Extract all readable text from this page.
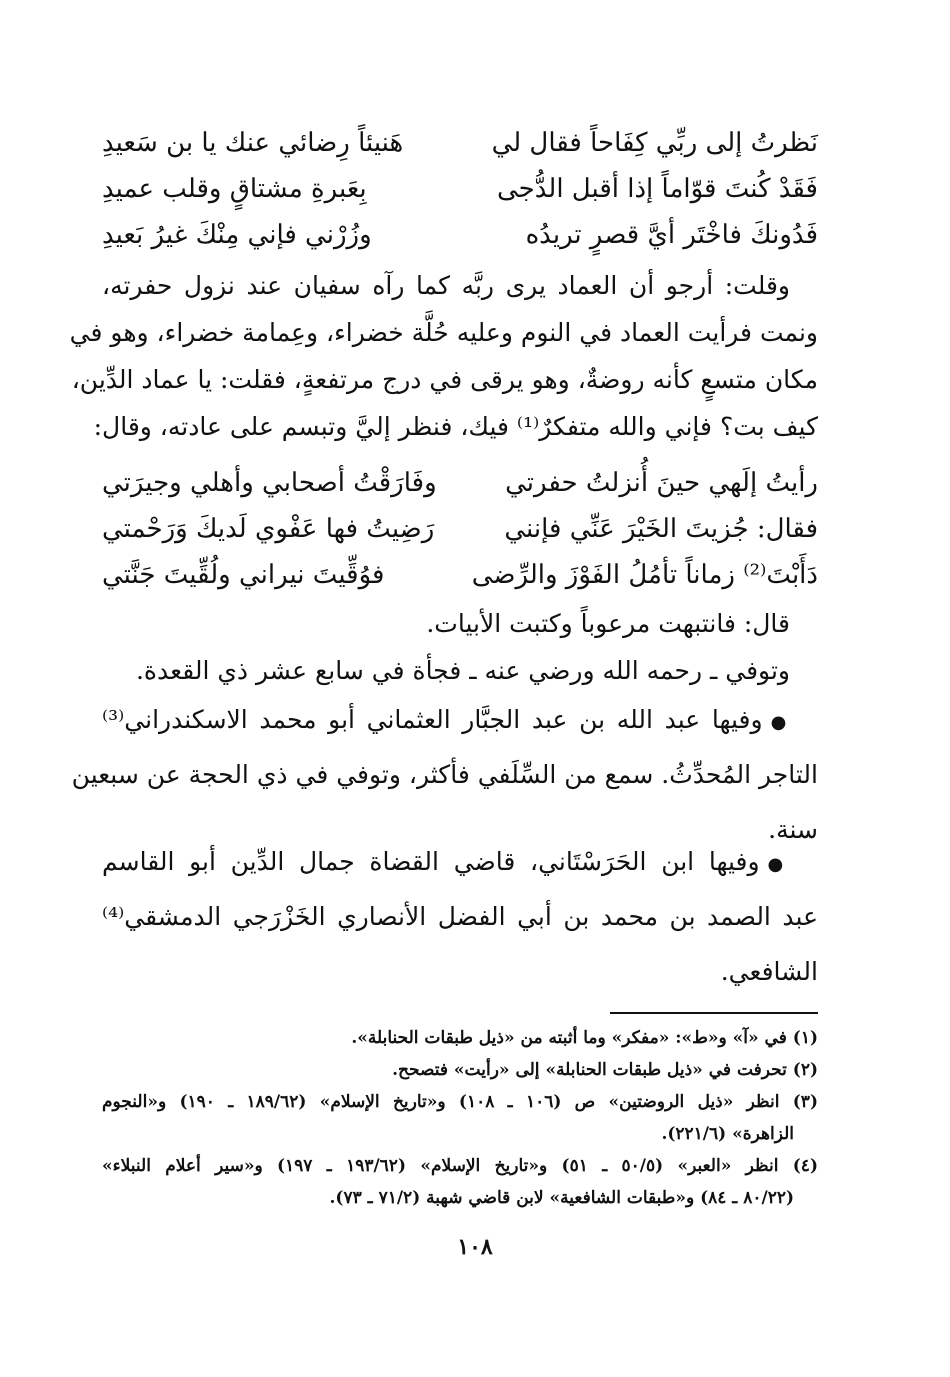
نَظرتُ إلى ربِّي كِفَاحاً فقال لي
هَنيئاً رِضائي عنك يا بن سَعيدِ
فَقَدْ كُنتَ قوّاماً إذا أقبل الدُّجى
بِعَبرةِ مشتاقٍ وقلب عميدِ
فَدُونكَ فاخْتَر أيَّ قصرٍ تريدُه
وزُرْني فإني مِنْكَ غيرُ بَعيدِ
وقلت: أرجو أن العماد يرى ربَّه كما رآه سفيان عند نزول حفرته،
ونمت فرأيت العماد في النوم وعليه حُلَّة خضراء، وعِمامة خضراء، وهو في
مكان متسعٍ كأنه روضةٌ، وهو يرقى في درج مرتفعةٍ، فقلت: يا عماد الدِّين،
كيف بت؟ فإني والله متفكرٌ⁽¹⁾ فيك، فنظر إليَّ وتبسم على عادته، وقال:
رأيتُ إلَهي حينَ أُنزلتُ حفرتي
وفَارَقْتُ أصحابي وأهلي وجيرَتي
فقال: جُزيتَ الخَيْرَ عَنِّي فإنني
رَضِيتُ فها عَفْوي لَديكَ وَرَحْمتي
دَأَبْتَ⁽²⁾ زماناً تأمُلُ الفَوْزَ والرِّضى
فوُقِّيتَ نيراني ولُقِّيتَ جَنَّتي
قال: فانتبهت مرعوباً وكتبت الأبيات.
وتوفي ـ رحمه الله ورضي عنه ـ فجأة في سابع عشر ذي القعدة.
●وفيها عبد الله بن عبد الجبَّار العثماني أبو محمد الاسكندراني⁽³⁾
التاجر المُحدِّثُ. سمع من السِّلَفي فأكثر، وتوفي في ذي الحجة عن سبعين
سنة.
●وفيها ابن الحَرَسْتَاني، قاضي القضاة جمال الدِّين أبو القاسم
عبد الصمد بن محمد بن أبي الفضل الأنصاري الخَزْرَجي الدمشقي⁽⁴⁾
الشافعي.
(١) في «آ» و«ط»: «مفكر» وما أثبته من «ذيل طبقات الحنابلة».
(٢) تحرفت في «ذيل طبقات الحنابلة» إلى «رأيت» فتصحح.
(٣) انظر «ذيل الروضتين» ص (١٠٦ ـ ١٠٨) و«تاريخ الإسلام» (١٨٩/٦٢ ـ ١٩٠) و«النجوم
الزاهرة» (٢٢١/٦).
(٤) انظر «العبر» (٥٠/٥ ـ ٥١) و«تاريخ الإسلام» (١٩٣/٦٢ ـ ١٩٧) و«سير أعلام النبلاء»
(٨٠/٢٢ ـ ٨٤) و«طبقات الشافعية» لابن قاضي شهبة (٧١/٢ ـ ٧٣).
١٠٨
